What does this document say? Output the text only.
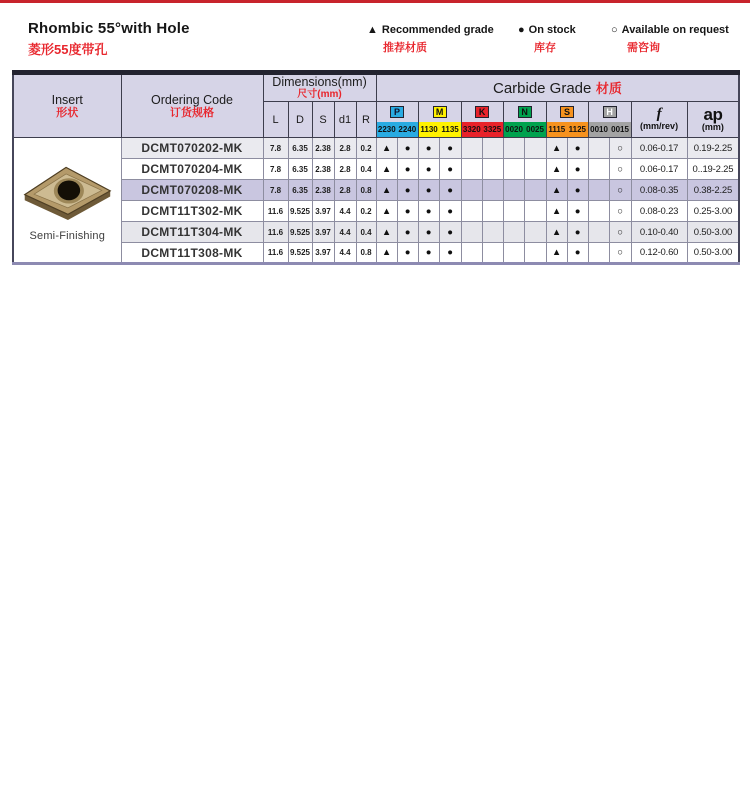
Rhombic 55°with Hole
菱形55度带孔
▲ Recommended grade
推荐材质
● On stock
库存
○ Available on request
需咨询
Insert
形状

Ordering Code
订货规格

Dimensions(mm)
尺寸(mm)	Carbide Grade 材质
L	D	S	d1	R	
P
2230 2240

M
1130 1135

K
3320 3325

N
0020 0025

S
1115 1125

H
0010 0015

f
(mm/rev)

ap
(mm)

Semi-Finishing	DCMT070202-MK	7.8	6.35	2.38	2.8	0.2	▲	●	●	●					▲	●		○	0.06-0.17	0.19-2.25
	DCMT070204-MK	7.8	6.35	2.38	2.8	0.4	▲	●	●	●					▲	●		○	0.06-0.17	0..19-2.25
	DCMT070208-MK	7.8	6.35	2.38	2.8	0.8	▲	●	●	●					▲	●		○	0.08-0.35	0.38-2.25
	DCMT11T302-MK	11.6	9.525	3.97	4.4	0.2	▲	●	●	●					▲	●		○	0.08-0.23	0.25-3.00
	DCMT11T304-MK	11.6	9.525	3.97	4.4	0.4	▲	●	●	●					▲	●		○	0.10-0.40	0.50-3.00
	DCMT11T308-MK	11.6	9.525	3.97	4.4	0.8	▲	●	●	●					▲	●		○	0.12-0.60	0.50-3.00
